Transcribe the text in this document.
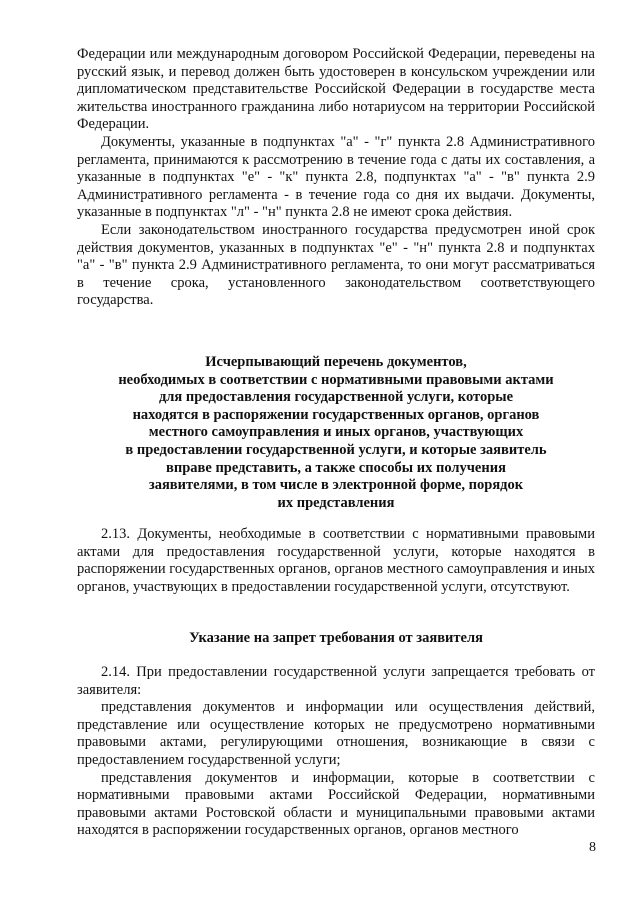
Федерации или международным договором Российской Федерации, переведены на русский язык, и перевод должен быть удостоверен в консульском учреждении или дипломатическом представительстве Российской Федерации в государстве места жительства иностранного гражданина либо нотариусом на территории Российской Федерации.

Документы, указанные в подпунктах "а" - "г" пункта 2.8 Административного регламента, принимаются к рассмотрению в течение года с даты их составления, а указанные в подпунктах "е" - "к" пункта 2.8, подпунктах "а" - "в" пункта 2.9 Административного регламента - в течение года со дня их выдачи. Документы, указанные в подпунктах "л" - "н" пункта 2.8 не имеют срока действия.

Если законодательством иностранного государства предусмотрен иной срок действия документов, указанных в подпунктах "е" - "н" пункта 2.8 и подпунктах "а" - "в" пункта 2.9 Административного регламента, то они могут рассматриваться в течение срока, установленного законодательством соответствующего государства.

Исчерпывающий перечень документов,
необходимых в соответствии с нормативными правовыми актами
для предоставления государственной услуги, которые
находятся в распоряжении государственных органов, органов
местного самоуправления и иных органов, участвующих
в предоставлении государственной услуги, и которые заявитель
вправе представить, а также способы их получения
заявителями, в том числе в электронной форме, порядок
их представления

2.13. Документы, необходимые в соответствии с нормативными правовыми актами для предоставления государственной услуги, которые находятся в распоряжении государственных органов, органов местного самоуправления и иных органов, участвующих в предоставлении государственной услуги, отсутствуют.

Указание на запрет требования от заявителя

2.14. При предоставлении государственной услуги запрещается требовать от заявителя:

представления документов и информации или осуществления действий, представление или осуществление которых не предусмотрено нормативными правовыми актами, регулирующими отношения, возникающие в связи с предоставлением государственной услуги;

представления документов и информации, которые в соответствии с нормативными правовыми актами Российской Федерации, нормативными правовыми актами Ростовской области и муниципальными правовыми актами находятся в распоряжении государственных органов, органов местного

8
